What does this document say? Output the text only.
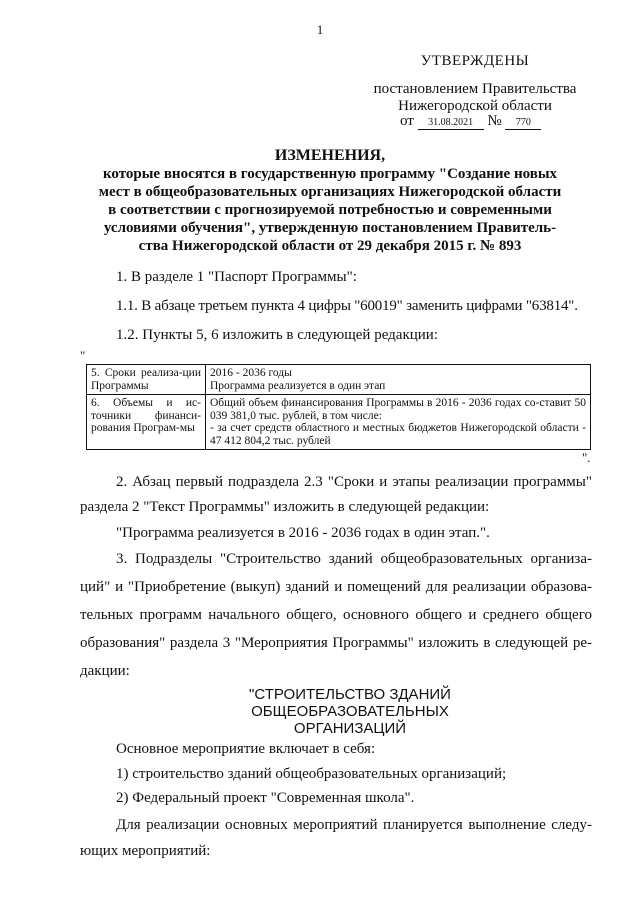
1
УТВЕРЖДЕНЫ
постановлением Правительства
Нижегородской области
от 31.08.2021 № 770
ИЗМЕНЕНИЯ,
которые вносятся в государственную программу "Создание новых
мест в общеобразовательных организациях Нижегородской области
в соответствии с прогнозируемой потребностью и современными
условиями обучения", утвержденную постановлением Правитель-
ства Нижегородской области от 29 декабря 2015 г. № 893
1. В разделе 1 "Паспорт Программы":
1.1. В абзаце третьем пункта 4 цифры "60019" заменить цифрами "63814".
1.2. Пункты 5, 6 изложить в следующей редакции:
"
5. Сроки реализа-ции Программы	2016 - 2036 годы
Программа реализуется в один этап

6. Объемы и ис-точники финанси-рования Програм-мы	Общий объем финансирования Программы в 2016 - 2036 годах со-ставит 50 039 381,0 тыс. рублей, в том числе:
- за счет средств областного и местных бюджетов Нижегородской области - 47 412 804,2 тыс. рублей
".
2. Абзац первый подраздела 2.3 "Сроки и этапы реализации программы" раздела 2 "Текст Программы" изложить в следующей редакции:
"Программа реализуется в 2016 - 2036 годах в один этап.".
3. Подразделы "Строительство зданий общеобразовательных организа-ций" и "Приобретение (выкуп) зданий и помещений для реализации образова-тельных программ начального общего, основного общего и среднего общего образования" раздела 3 "Мероприятия Программы" изложить в следующей ре-дакции:
"СТРОИТЕЛЬСТВО ЗДАНИЙ ОБЩЕОБРАЗОВАТЕЛЬНЫХ
ОРГАНИЗАЦИЙ
Основное мероприятие включает в себя:
1) строительство зданий общеобразовательных организаций;
2) Федеральный проект "Современная школа".
Для реализации основных мероприятий планируется выполнение следу-ющих мероприятий:
